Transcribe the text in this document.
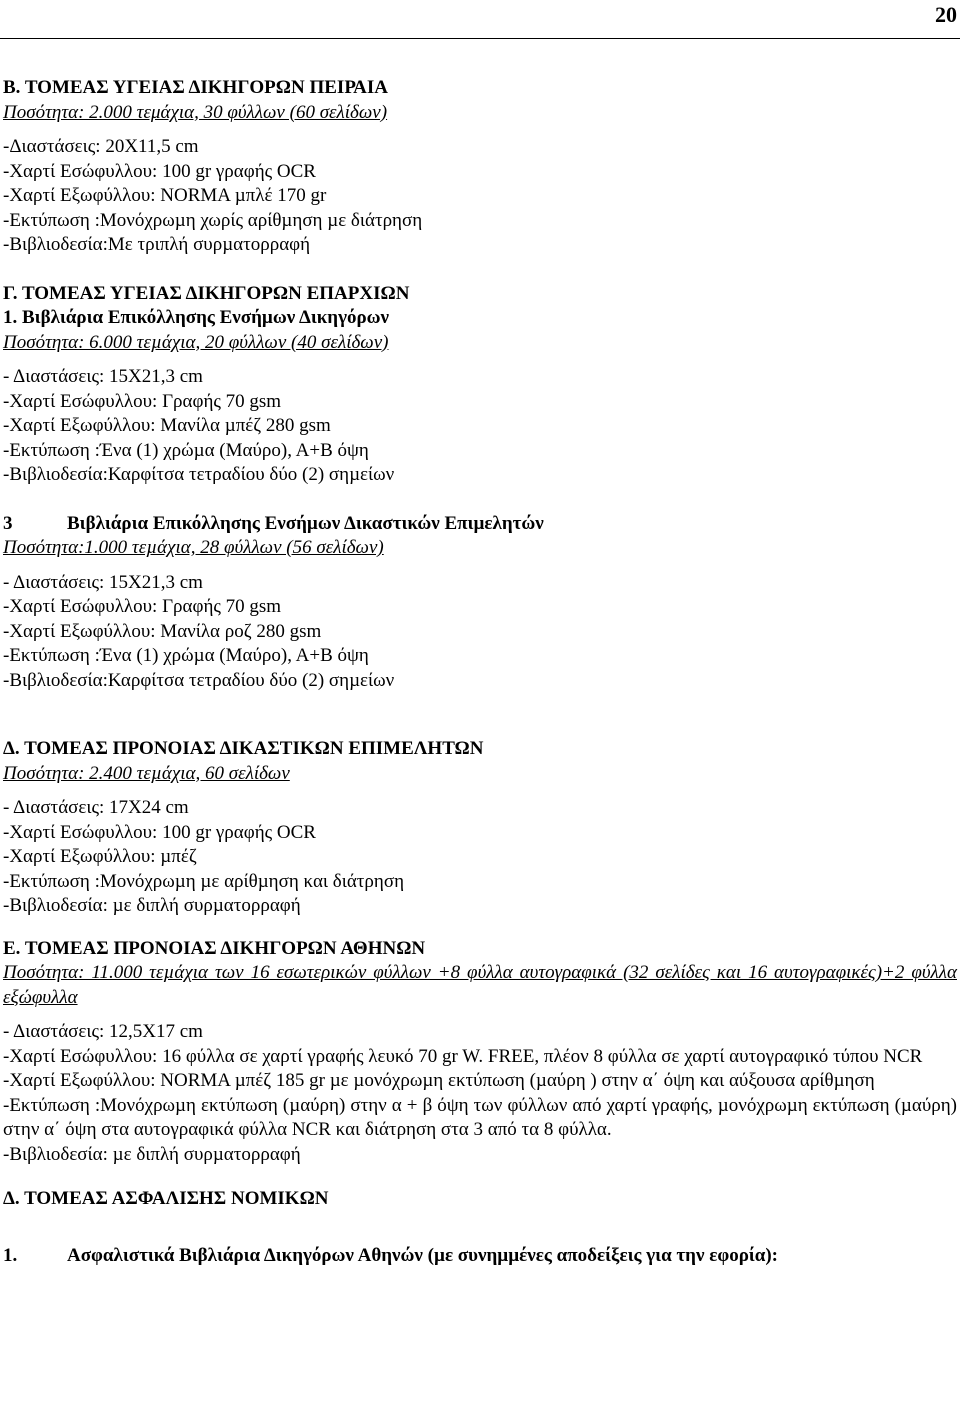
20

Β. ΤΟΜΕΑΣ ΥΓΕΙΑΣ ΔΙΚΗΓΟΡΩΝ ΠΕΙΡΑΙΑ

Ποσότητα: 2.000 τεμάχια, 30 φύλλων (60 σελίδων)

-Διαστάσεις: 20Χ11,5 cm

-Χαρτί Εσώφυλλου: 100 gr γραφής OCR

-Χαρτί Εξωφύλλου: NORMA µπλέ 170 gr

-Εκτύπωση :Μονόχρωµη χωρίς αρίθµηση µε διάτρηση

-Βιβλιοδεσία:Με τριπλή συρµατορραφή

Γ. ΤΟΜΕΑΣ ΥΓΕΙΑΣ ΔΙΚΗΓΟΡΩΝ ΕΠΑΡΧΙΩΝ

1. Βιβλιάρια Επικόλλησης Ενσήµων Δικηγόρων

Ποσότητα: 6.000 τεµάχια, 20 φύλλων (40 σελίδων)

- Διαστάσεις: 15Χ21,3 cm

-Χαρτί Εσώφυλλου: Γραφής 70 gsm

-Χαρτί Εξωφύλλου: Μανίλα µπέζ 280 gsm

-Εκτύπωση :Ένα (1) χρώµα (Μαύρο), Α+Β όψη

-Βιβλιοδεσία:Καρφίτσα τετραδίου δύο (2) σηµείων

3	Βιβλιάρια Επικόλλησης Ενσήµων Δικαστικών Επιµελητών

Ποσότητα:1.000 τεµάχια, 28 φύλλων (56 σελίδων)

- Διαστάσεις: 15Χ21,3 cm

-Χαρτί Εσώφυλλου: Γραφής 70 gsm

-Χαρτί Εξωφύλλου: Μανίλα ροζ 280 gsm

-Εκτύπωση :Ένα (1) χρώµα (Μαύρο), Α+Β όψη

-Βιβλιοδεσία:Καρφίτσα τετραδίου δύο (2) σηµείων

Δ. ΤΟΜΕΑΣ ΠΡΟΝΟΙΑΣ ΔΙΚΑΣΤΙΚΩΝ ΕΠΙΜΕΛΗΤΩΝ

Ποσότητα: 2.400 τεµάχια, 60 σελίδων

- Διαστάσεις: 17Χ24 cm

-Χαρτί Εσώφυλλου: 100 gr γραφής OCR

-Χαρτί Εξωφύλλου: µπέζ

-Εκτύπωση :Μονόχρωµη µε αρίθµηση και διάτρηση

-Βιβλιοδεσία: µε διπλή συρµατορραφή

Ε. ΤΟΜΕΑΣ ΠΡΟΝΟΙΑΣ ΔΙΚΗΓΟΡΩΝ ΑΘΗΝΩΝ

Ποσότητα: 11.000 τεµάχια των 16 εσωτερικών φύλλων +8 φύλλα αυτογραφικά (32 σελίδες και 16 αυτογραφικές)+2 φύλλα εξώφυλλα

- Διαστάσεις: 12,5Χ17 cm

-Χαρτί Εσώφυλλου: 16 φύλλα σε χαρτί γραφής λευκό 70 gr W. FREE, πλέον 8 φύλλα σε χαρτί αυτογραφικό τύπου NCR

-Χαρτί Εξωφύλλου: NORMA µπέζ 185 gr µε µονόχρωµη εκτύπωση (µαύρη ) στην α΄ όψη και αύξουσα αρίθµηση

-Εκτύπωση :Μονόχρωµη εκτύπωση (µαύρη) στην α + β όψη των φύλλων από χαρτί γραφής, µονόχρωµη εκτύπωση (µαύρη) στην α΄ όψη στα αυτογραφικά φύλλα NCR και διάτρηση στα 3 από τα 8 φύλλα.

-Βιβλιοδεσία: µε διπλή συρµατορραφή

Δ. ΤΟΜΕΑΣ ΑΣΦΑΛΙΣΗΣ ΝΟΜΙΚΩΝ

1.	Ασφαλιστικά Βιβλιάρια Δικηγόρων Αθηνών (µε συνηµµένες αποδείξεις για την εφορία):
